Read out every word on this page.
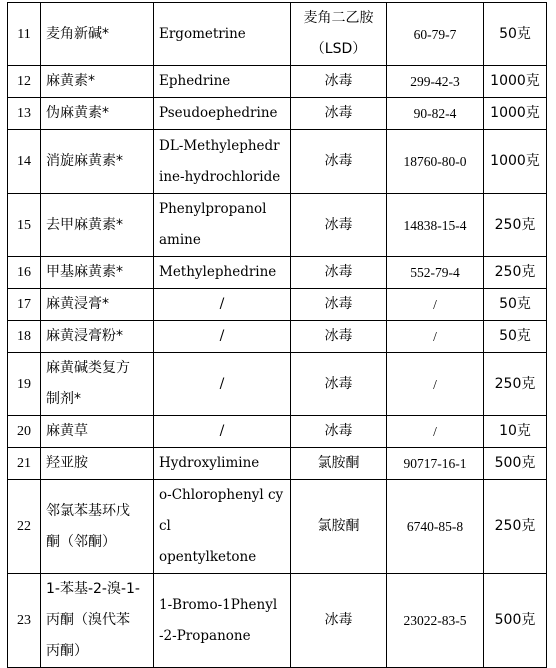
11	麦角新碱*	Ergometrine	麦角二乙胺
（LSD）	60-79-7	50克
12	麻黄素*	Ephedrine	冰毒	299-42-3	1000克
13	伪麻黄素*	Pseudoephedrine	冰毒	90-82-4	1000克
14	消旋麻黄素*	DL-Methylephedr
ine-hydrochloride	冰毒	18760-80-0	1000克
15	去甲麻黄素*	Phenylpropanol
amine	冰毒	14838-15-4	250克
16	甲基麻黄素*	Methylephedrine	冰毒	552-79-4	250克
17	麻黄浸膏*	/	冰毒	/	50克
18	麻黄浸膏粉*	/	冰毒	/	50克
19	麻黄碱类复方
制剂*	/	冰毒	/	250克
20	麻黄草	/	冰毒	/	10克
21	羟亚胺	Hydroxylimine	氯胺酮	90717-16-1	500克
22	邻氯苯基环戊
酮（邻酮）	o-Chlorophenyl cy
cl
opentylketone	氯胺酮	6740-85-8	250克
23	1-苯基-2-溴-1-
丙酮（溴代苯
丙酮）	1-Bromo-1Phenyl
-2-Propanone	冰毒	23022-83-5	500克
